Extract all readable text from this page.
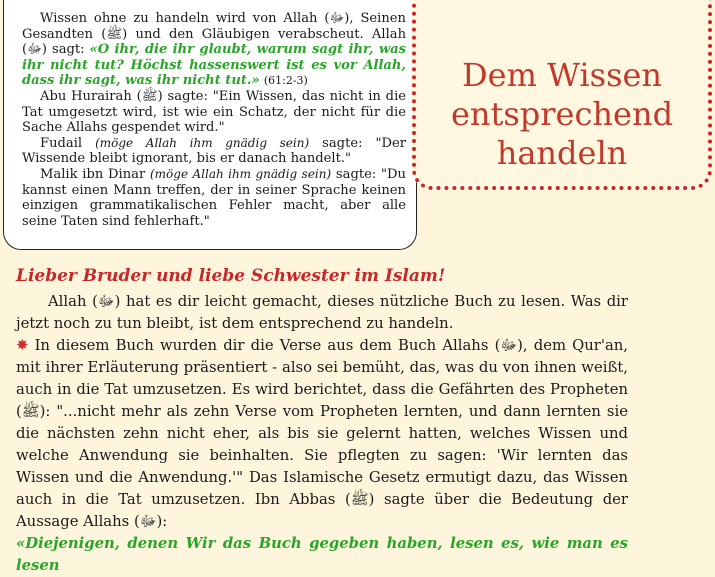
Wissen ohne zu handeln wird von Allah (ﷻ), Seinen Gesandten (ﷺ) und den Gläubigen verabscheut. Allah (ﷻ) sagt: «O ihr, die ihr glaubt, warum sagt ihr, was ihr nicht tut? Höchst hassenswert ist es vor Allah, dass ihr sagt, was ihr nicht tut.» (61:2-3)

Abu Hurairah (ﷺ) sagte: "Ein Wissen, das nicht in die Tat umgesetzt wird, ist wie ein Schatz, der nicht für die Sache Allahs gespendet wird."

Fudail (möge Allah ihm gnädig sein) sagte: "Der Wissende bleibt ignorant, bis er danach handelt."

Malik ibn Dinar (möge Allah ihm gnädig sein) sagte: "Du kannst einen Mann treffen, der in seiner Sprache keinen einzigen grammatikalischen Fehler macht, aber alle seine Taten sind fehlerhaft."

Dem Wissen
entsprechend
handeln
Lieber Bruder und liebe Schwester im Islam!

Allah (ﷻ) hat es dir leicht gemacht, dieses nützliche Buch zu lesen. Was dir jetzt noch zu tun bleibt, ist dem entsprechend zu handeln.

✸ In diesem Buch wurden dir die Verse aus dem Buch Allahs (ﷻ), dem Qur'an, mit ihrer Erläuterung präsentiert - also sei bemüht, das, was du von ihnen weißt, auch in die Tat umzusetzen. Es wird berichtet, dass die Gefährten des Propheten (ﷺ): "...nicht mehr als zehn Verse vom Propheten lernten, und dann lernten sie die nächsten zehn nicht eher, als bis sie gelernt hatten, welches Wissen und welche Anwendung sie beinhalten. Sie pflegten zu sagen: 'Wir lernten das Wissen und die Anwendung.'" Das Islamische Gesetz ermutigt dazu, das Wissen auch in die Tat umzusetzen. Ibn Abbas (ﷺ) sagte über die Bedeutung der Aussage Allahs (ﷻ):
«Diejenigen, denen Wir das Buch gegeben haben, lesen es, wie man es lesen
